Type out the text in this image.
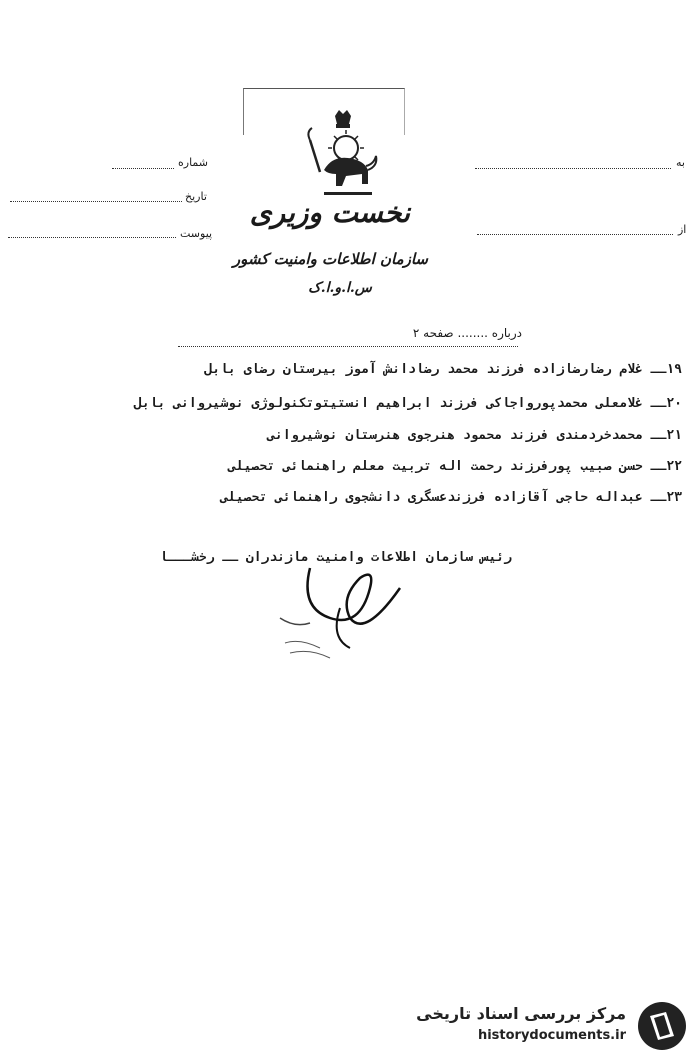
شماره
تاریخ
پیوست
به
از
نخست وزیری
سازمان اطلاعات وامنیت کشور
س.ا.و.ا.ک
درباره ........ صفحه ۲
۱۹ــ غلام رضارضازاده فرزند محمد رضادانش آموز بیرستان رضای بابل
۲۰ــ غلامعلی محمدپورواجاکی فرزند ابراهیم انستیتوتکنولوژی نوشیروانی بابل
۲۱ــ محمدخردمندی فرزند محمود هنرجوی هنرستان نوشیروانی
۲۲ــ حسن صبیب پورفرزند رحمت اله تربیت معلم راهنمائی تحصیلی
۲۳ــ عبداله حاجی آقازاده فرزندعسگری دانشجوی راهنمائی تحصیلی
رئیس سازمان اطلاعات وامنیت مازندران ــ رخشـــا
مرکز بررسی اسناد تاریخی
historydocuments.ir
